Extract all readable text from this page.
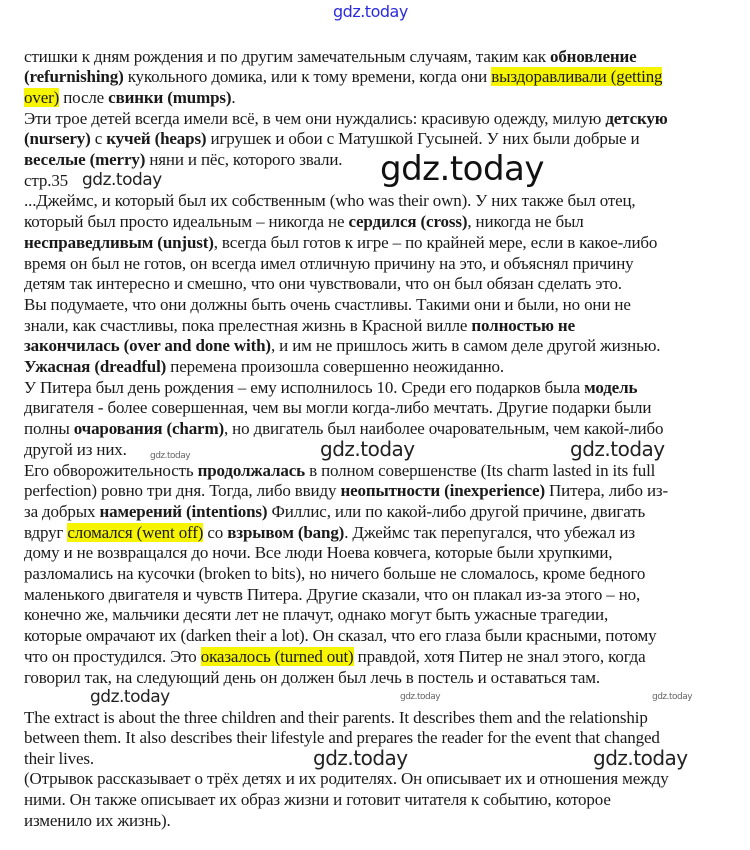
изменило их жизнь).
ними. Он также описывает их образ жизни и готовит читателя к событию, которое
(Отрывок рассказывает о трёх детях и их родителях. Он описывает их и отношения между
their lives.
between them. It also describes their lifestyle and prepares the reader for the event that changed
The extract is about the three children and their parents. It describes them and the relationship
говорил так, на следующий день он должен был лечь в постель и оставаться там.
что он простудился. Это оказалось (turned out) правдой, хотя Питер не знал этого, когда
которые омрачают их (darken their a lot). Он сказал, что его глаза были красными, потому
конечно же, мальчики десяти лет не плачут, однако могут быть ужасные трагедии,
маленького двигателя и чувств Питера. Другие сказали, что он плакал из-за этого – но,
разломались на кусочки (broken to bits), но ничего больше не сломалось, кроме бедного
дому и не возвращался до ночи. Все люди Ноева ковчега, которые были хрупкими,
вдруг сломался (went off) со взрывом (bang). Джеймс так перепугался, что убежал из
за добрых намерений (intentions) Филлис, или по какой-либо другой причине, двигать
perfection) ровно три дня. Тогда, либо ввиду неопытности (inexperience) Питера, либо из-
Его обворожительность продолжалась в полном совершенстве (Its charm lasted in its full
другой из них.
полны очарования (charm), но двигатель был наиболее очаровательным, чем какой-либо
двигателя - более совершенная, чем вы могли когда-либо мечтать. Другие подарки были
У Питера был день рождения – ему исполнилось 10. Среди его подарков была модель
Ужасная (dreadful) перемена произошла совершенно неожиданно.
закончилась (over and done with), и им не пришлось жить в самом деле другой жизнью.
знали, как счастливы, пока прелестная жизнь в Красной вилле полностью не
Вы подумаете, что они должны быть очень счастливы. Такими они и были, но они не
детям так интересно и смешно, что они чувствовали, что он был обязан сделать это.
время он был не готов, он всегда имел отличную причину на это, и объяснял причину
несправедливым (unjust), всегда был готов к игре – по крайней мере, если в какое-либо
который был просто идеальным – никогда не сердился (cross), никогда не был
...Джеймс, и который был их собственным (who was their own). У них также был отец,
стр.35
веселые (merry) няни и пёс, которого звали.
(nursery) с кучей (heaps) игрушек и обои с Матушкой Гусыней. У них были добрые и
Эти трое детей всегда имели всё, в чем они нуждались: красивую одежду, милую детскую
over) после свинки (mumps).
(refurnishing) кукольного домика, или к тому времени, когда они выздоравливали (getting
стишки к дням рождения и по другим замечательным случаям, таким как обновление
gdz.today
gdz.today
gdz.today
gdz.today	gdz.today
gdz.today
gdz.today	gdz.today
gdz.today
gdz.today	gdz.today
